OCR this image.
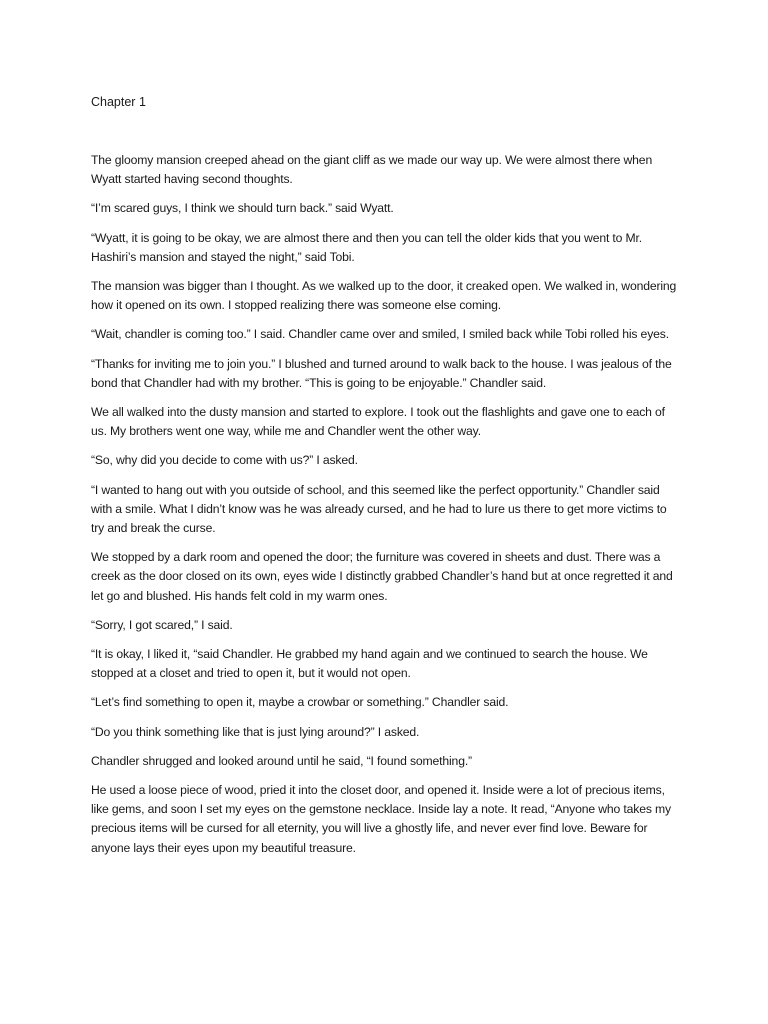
Chapter 1

The gloomy mansion creeped ahead on the giant cliff as we made our way up. We were almost there when Wyatt started having second thoughts.

“I’m scared guys, I think we should turn back.” said Wyatt.

“Wyatt, it is going to be okay, we are almost there and then you can tell the older kids that you went to Mr. Hashiri’s mansion and stayed the night,” said Tobi.

The mansion was bigger than I thought. As we walked up to the door, it creaked open. We walked in, wondering how it opened on its own. I stopped realizing there was someone else coming.

“Wait, chandler is coming too.” I said. Chandler came over and smiled, I smiled back while Tobi rolled his eyes.

“Thanks for inviting me to join you.” I blushed and turned around to walk back to the house. I was jealous of the bond that Chandler had with my brother. “This is going to be enjoyable.” Chandler said.

We all walked into the dusty mansion and started to explore. I took out the flashlights and gave one to each of us. My brothers went one way, while me and Chandler went the other way.

“So, why did you decide to come with us?” I asked.

“I wanted to hang out with you outside of school, and this seemed like the perfect opportunity.” Chandler said with a smile. What I didn’t know was he was already cursed, and he had to lure us there to get more victims to try and break the curse.

We stopped by a dark room and opened the door; the furniture was covered in sheets and dust. There was a creek as the door closed on its own, eyes wide I distinctly grabbed Chandler’s hand but at once regretted it and let go and blushed. His hands felt cold in my warm ones.

“Sorry, I got scared,” I said.

“It is okay, I liked it, “said Chandler. He grabbed my hand again and we continued to search the house. We stopped at a closet and tried to open it, but it would not open.

“Let’s find something to open it, maybe a crowbar or something.” Chandler said.

“Do you think something like that is just lying around?” I asked.

Chandler shrugged and looked around until he said, “I found something.”

He used a loose piece of wood, pried it into the closet door, and opened it. Inside were a lot of precious items, like gems, and soon I set my eyes on the gemstone necklace. Inside lay a note. It read, “Anyone who takes my precious items will be cursed for all eternity, you will live a ghostly life, and never ever find love. Beware for anyone lays their eyes upon my beautiful treasure.
